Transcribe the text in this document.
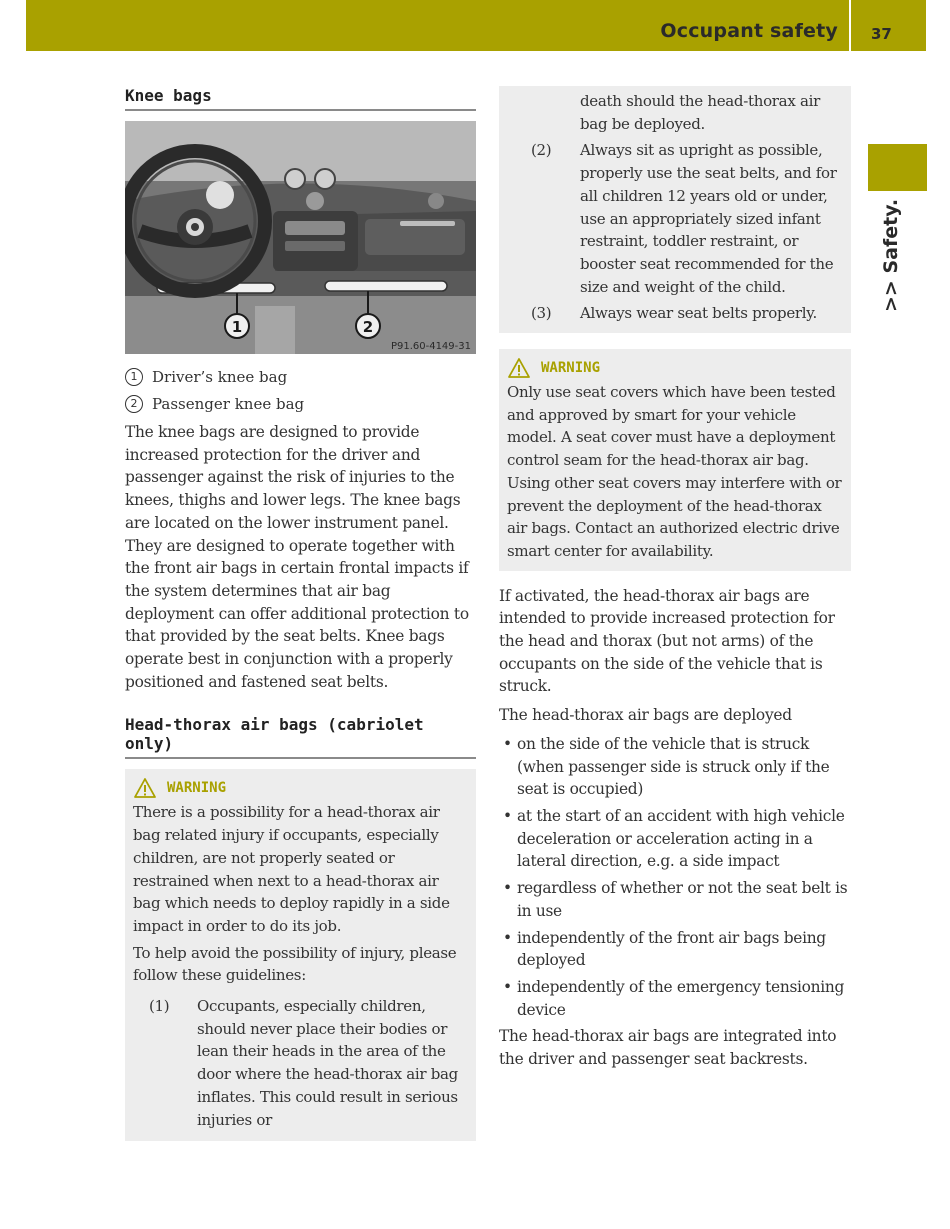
Occupant safety 37
>> Safety.
Knee bags
1	2
P91.60-4149-31
1 Driver’s knee bag
2 Passenger knee bag

The knee bags are designed to provide increased protection for the driver and passenger against the risk of injuries to the knees, thighs and lower legs. The knee bags are located on the lower instrument panel. They are designed to operate together with the front air bags in certain frontal impacts if the system determines that air bag deployment can offer additional protection to that provided by the seat belts. Knee bags operate best in conjunction with a properly positioned and fastened seat belts.

Head-thorax air bags (cabriolet only)
WARNING

There is a possibility for a head-thorax air bag related injury if occupants, especially children, are not properly seated or restrained when next to a head-thorax air bag which needs to deploy rapidly in a side impact in order to do its job.

To help avoid the possibility of injury, please follow these guidelines:

(1)	Occupants, especially children, should never place their bodies or lean their heads in the area of the door where the head-thorax air bag inflates. This could result in serious injuries or
death should the head-thorax air bag be deployed.
(2)	Always sit as upright as possible, properly use the seat belts, and for all children 12 years old or under, use an appropriately sized infant restraint, toddler restraint, or booster seat recommended for the size and weight of the child.
(3)	Always wear seat belts properly.
WARNING

Only use seat covers which have been tested and approved by smart for your vehicle model. A seat cover must have a deployment control seam for the head-thorax air bag. Using other seat covers may interfere with or prevent the deployment of the head-thorax air bags. Contact an authorized electric drive smart center for availability.

If activated, the head-thorax air bags are intended to provide increased protection for the head and thorax (but not arms) of the occupants on the side of the vehicle that is struck.

The head-thorax air bags are deployed

• on the side of the vehicle that is struck (when passenger side is struck only if the seat is occupied)
• at the start of an accident with high vehicle deceleration or acceleration acting in a lateral direction, e.g. a side impact
• regardless of whether or not the seat belt is in use
• independently of the front air bags being deployed
• independently of the emergency tensioning device

The head-thorax air bags are integrated into the driver and passenger seat backrests.
